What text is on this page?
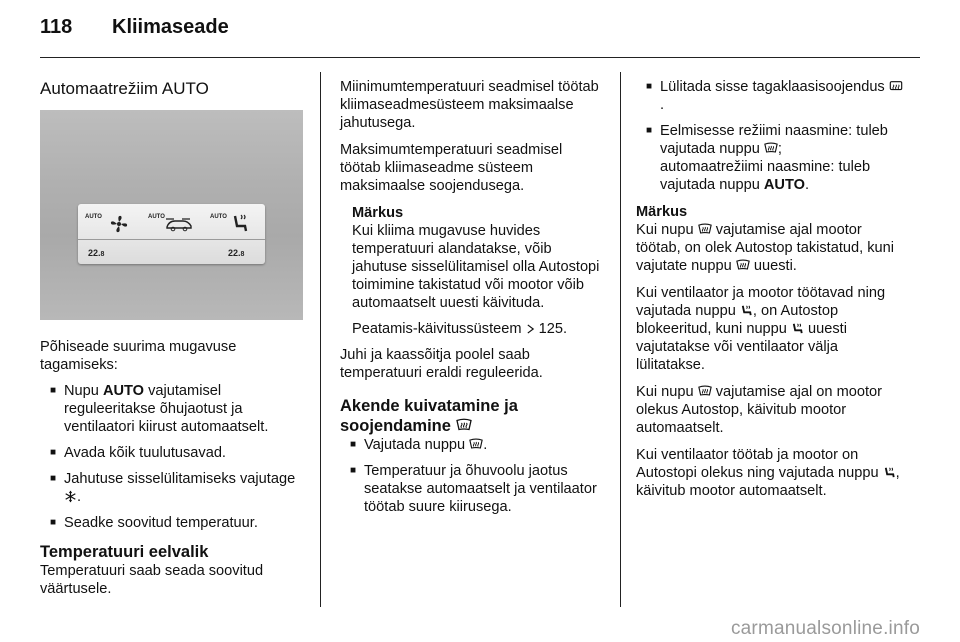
118 Kliimaseade
Automaatrežiim AUTO
AUTO	AUTO	AUTO
22.8	22.8

Põhiseade suurima mugavuse tagamiseks:

■ Nupu AUTO vajutamisel reguleeritakse õhujaotust ja ventilaatori kiirust automaatselt.
■ Avada kõik tuulutusavad.
■ Jahutuse sisselülitamiseks vajutage .
■ Seadke soovitud temperatuur.
Temperatuuri eelvalik

Temperatuuri saab seada soovitud väärtusele.

Miinimumtemperatuuri seadmisel töötab kliimaseadmesüsteem maksimaalse jahutusega.

Maksimumtemperatuuri seadmisel töötab kliimaseadme süsteem maksimaalse soojendusega.

Märkus

Kui kliima mugavuse huvides temperatuuri alandatakse, võib jahutuse sisselülitamisel olla Autostopi toimimine takistatud või mootor võib automaatselt uuesti käivituda.

Peatamis-käivitussüsteem  125.

Juhi ja kaassõitja poolel saab temperatuuri eraldi reguleerida.

Akende kuivatamine ja
soojendamine
■ Vajutada nuppu .
■ Temperatuur ja õhuvoolu jaotus seatakse automaatselt ja ventilaator töötab suure kiirusega.
■ Lülitada sisse tagaklaasisoojendus .
■ Eelmisesse režiimi naasmine: tuleb vajutada nuppu ;
automaatrežiimi naasmine: tuleb vajutada nuppu AUTO.

Märkus

Kui nupu  vajutamise ajal mootor töötab, on olek Autostop takistatud, kuni vajutate nuppu  uuesti.

Kui ventilaator ja mootor töötavad ning vajutada nuppu , on Autostop blokeeritud, kuni nuppu  uuesti vajutatakse või ventilaator välja lülitatakse.

Kui nupu  vajutamise ajal on mootor olekus Autostop, käivitub mootor automaatselt.

Kui ventilaator töötab ja mootor on Autostopi olekus ning vajutada nuppu , käivitub mootor automaatselt.

carmanualsonline.info
